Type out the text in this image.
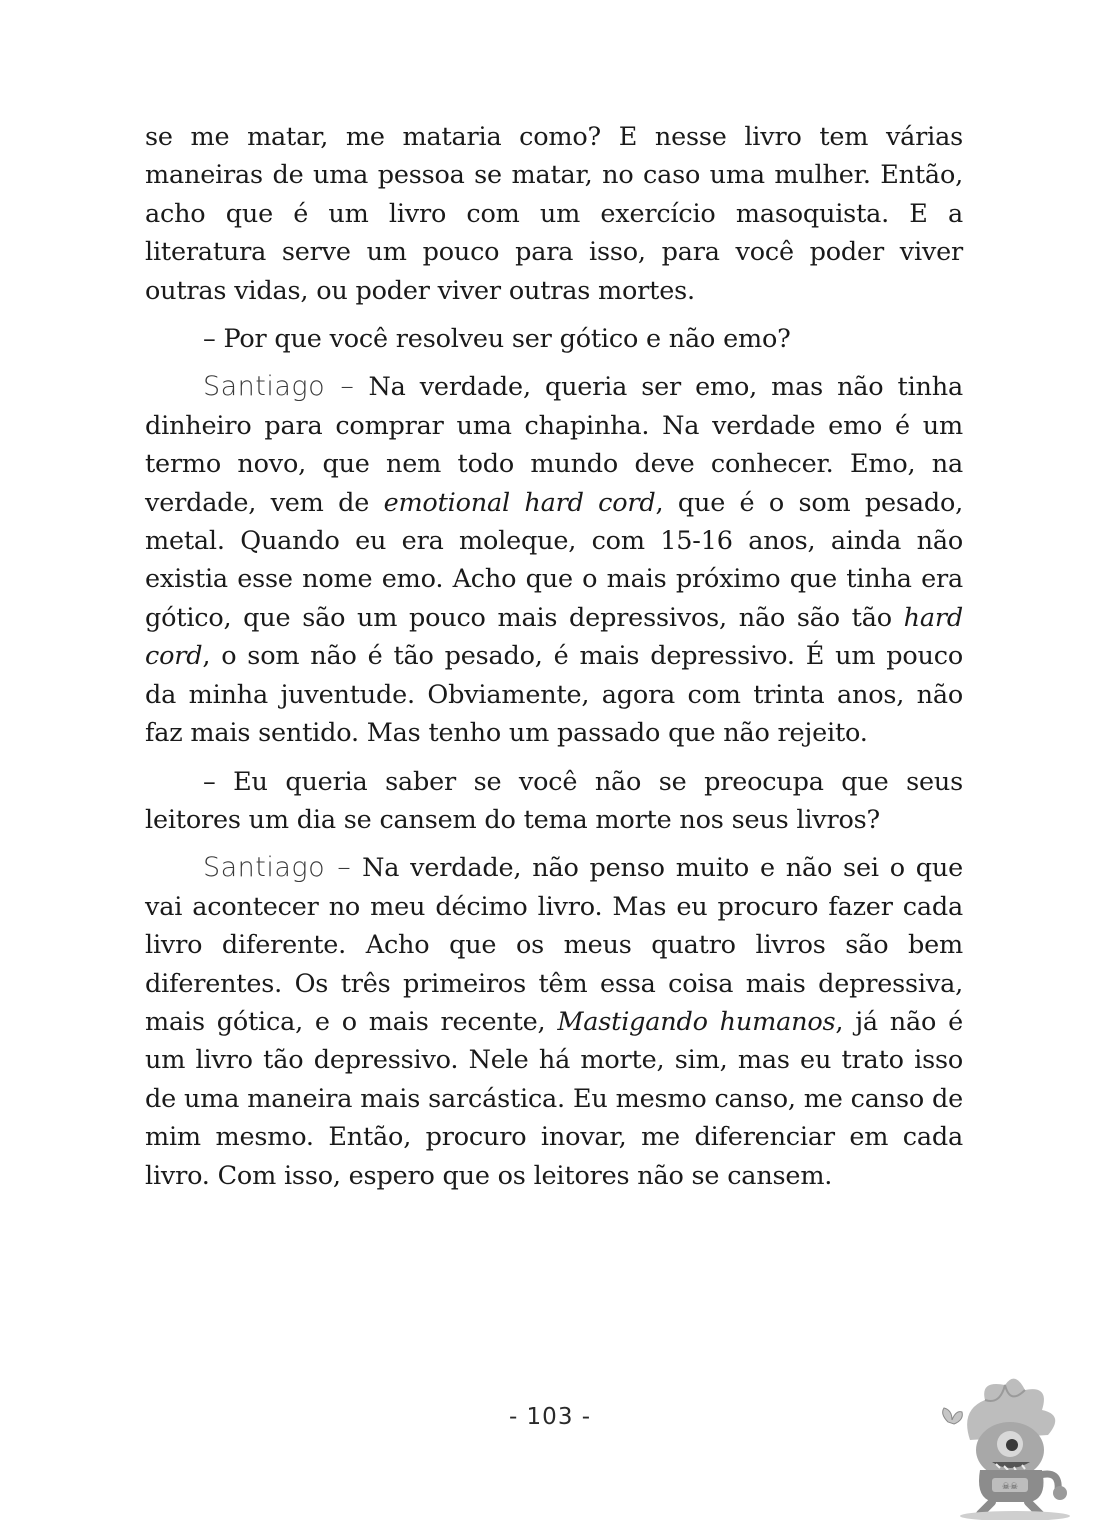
se me matar, me mataria como? E nesse livro tem várias maneiras de uma pessoa se matar, no caso uma mulher. Então, acho que é um livro com um exercício masoquista. E a literatura serve um pouco para isso, para você poder viver outras vidas, ou poder viver outras mortes.

– Por que você resolveu ser gótico e não emo?

Santiago – Na verdade, queria ser emo, mas não tinha dinheiro para comprar uma chapinha. Na verdade emo é um termo novo, que nem todo mundo deve conhecer. Emo, na verdade, vem de emotional hard cord, que é o som pesado, metal. Quando eu era moleque, com 15-16 anos, ainda não existia esse nome emo. Acho que o mais próximo que tinha era gótico, que são um pouco mais depressivos, não são tão hard cord, o som não é tão pesado, é mais depressivo. É um pouco da minha juventude. Obviamente, agora com trinta anos, não faz mais sentido. Mas tenho um passado que não rejeito.

– Eu queria saber se você não se preocupa que seus leitores um dia se cansem do tema morte nos seus livros?

Santiago – Na verdade, não penso muito e não sei o que vai acontecer no meu décimo livro. Mas eu procuro fazer cada livro diferente. Acho que os meus quatro livros são bem diferentes. Os três primeiros têm essa coisa mais depressiva, mais gótica, e o mais recente, Mastigando humanos, já não é um livro tão depressivo. Nele há morte, sim, mas eu trato isso de uma maneira mais sarcástica. Eu mesmo canso, me canso de mim mesmo. Então, procuro inovar, me diferenciar em cada livro. Com isso, espero que os leitores não se cansem.

- 103 -
☠☠
